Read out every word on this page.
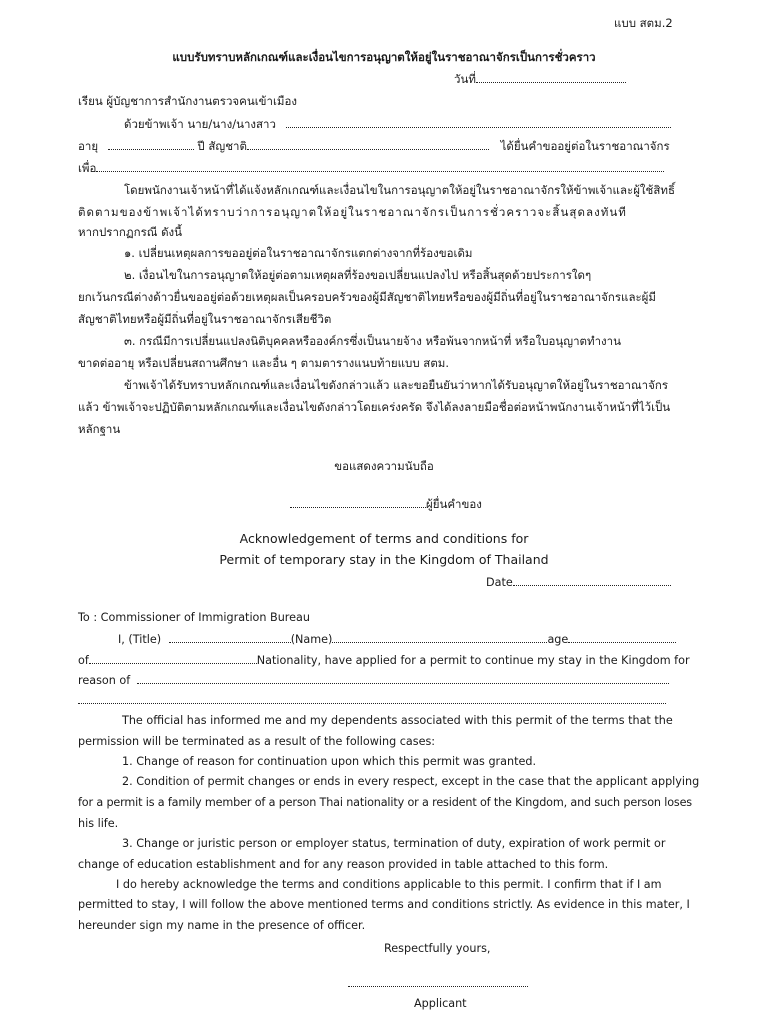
แบบ สตม.2
แบบรับทราบหลักเกณฑ์และเงื่อนไขการอนุญาตให้อยู่ในราชอาณาจักรเป็นการชั่วคราว
วันที่
เรียน ผู้บัญชาการสำนักงานตรวจคนเข้าเมือง
ด้วยข้าพเจ้า นาย/นาง/นางสาว
อายุ	ปี สัญชาติ	ได้ยื่นคำขออยู่ต่อในราชอาณาจักร
เพื่อ
โดยพนักงานเจ้าหน้าที่ได้แจ้งหลักเกณฑ์และเงื่อนไขในการอนุญาตให้อยู่ในราชอาณาจักรให้ข้าพเจ้าและผู้ใช้สิทธิ์
ติดตามของข้าพเจ้าได้ทราบว่าการอนุญาตให้อยู่ในราชอาณาจักรเป็นการชั่วคราวจะสิ้นสุดลงทันที
หากปรากฏกรณี ดังนี้
๑. เปลี่ยนเหตุผลการขออยู่ต่อในราชอาณาจักรแตกต่างจากที่ร้องขอเดิม
๒. เงื่อนไขในการอนุญาตให้อยู่ต่อตามเหตุผลที่ร้องขอเปลี่ยนแปลงไป หรือสิ้นสุดด้วยประการใดๆ
ยกเว้นกรณีต่างด้าวยื่นขออยู่ต่อด้วยเหตุผลเป็นครอบครัวของผู้มีสัญชาติไทยหรือของผู้มีถิ่นที่อยู่ในราชอาณาจักรและผู้มี
สัญชาติไทยหรือผู้มีถิ่นที่อยู่ในราชอาณาจักรเสียชีวิต
๓. กรณีมีการเปลี่ยนแปลงนิติบุคคลหรือองค์กรซึ่งเป็นนายจ้าง หรือพ้นจากหน้าที่ หรือใบอนุญาตทำงาน
ขาดต่ออายุ หรือเปลี่ยนสถานศึกษา และอื่น ๆ ตามตารางแนบท้ายแบบ สตม.
ข้าพเจ้าได้รับทราบหลักเกณฑ์และเงื่อนไขดังกล่าวแล้ว และขอยืนยันว่าหากได้รับอนุญาตให้อยู่ในราชอาณาจักร
แล้ว ข้าพเจ้าจะปฏิบัติตามหลักเกณฑ์และเงื่อนไขดังกล่าวโดยเคร่งครัด จึงได้ลงลายมือชื่อต่อหน้าพนักงานเจ้าหน้าที่ไว้เป็น
หลักฐาน
ขอแสดงความนับถือ
ผู้ยื่นคำของ
Acknowledgement of terms and conditions for
Permit of temporary stay in the Kingdom of Thailand
Date
To : Commissioner of Immigration Bureau
I, (Title)	(Name)	age
of	Nationality, have applied for a permit to continue my stay in the Kingdom for
reason of
The official has informed me and my dependents associated with this permit of the terms that the
permission will be terminated as a result of the following cases:
1. Change of reason for continuation upon which this permit was granted.
2. Condition of permit changes or ends in every respect, except in the case that the applicant applying
for a permit is a family member of a person Thai nationality or a resident of the Kingdom, and such person loses
his life.
3. Change or juristic person or employer status, termination of duty, expiration of work permit or
change of education establishment and for any reason provided in table attached to this form.
I do hereby acknowledge the terms and conditions applicable to this permit. I confirm that if I am
permitted to stay, I will follow the above mentioned terms and conditions strictly. As evidence in this mater, I
hereunder sign my name in the presence of officer.
Respectfully yours,
Applicant
